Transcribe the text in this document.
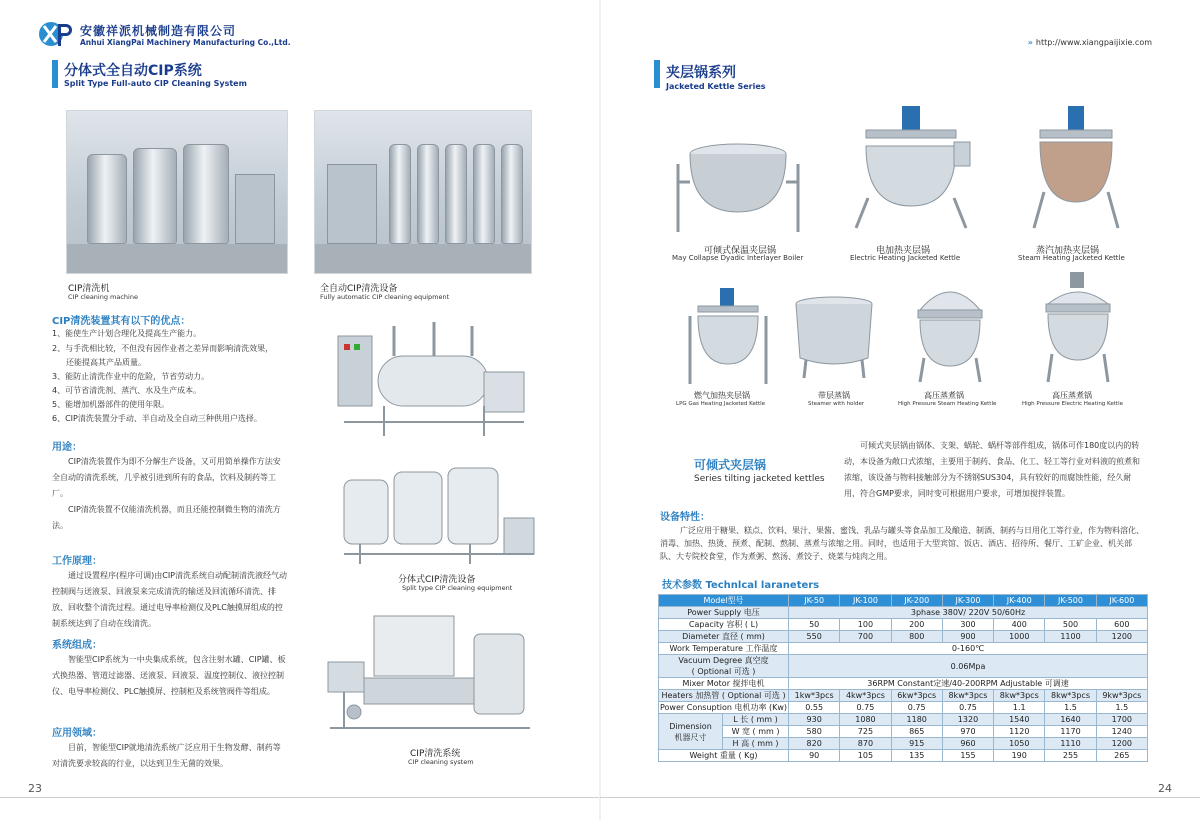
安徽祥派机械制造有限公司
Anhui XiangPai Machinery Manufacturing Co.,Ltd.
分体式全自动CIP系统
Split Type Full-auto CIP Cleaning System
CIP清洗机
CIP cleaning machine
全自动CIP清洗设备
Fully automatic CIP cleaning equipment
分体式CIP清洗设备
Split type CIP cleaning equipment
CIP清洗系统
CIP cleaning system
CIP清洗装置其有以下的优点：
1、能使生产计划合理化及提高生产能力。
2、与手洗相比较，不但没有因作业者之差异而影响清洗效果，
还能提高其产品质量。
3、能防止清洗作业中的危险，节省劳动力。
4、可节省清洗剂、蒸汽、水及生产成本。
5、能增加机器部件的使用年限。
6、CIP清洗装置分手动、半自动及全自动三种供用户选择。
用途：
CIP清洗装置作为即不分解生产设备，又可用简单操作方法安全自动的清洗系统，几乎被引进到所有的食品，饮料及制药等工厂。
CIP清洗装置不仅能清洗机器，而且还能控制微生物的清洗方法。
工作原理：
通过设置程序(程序可调)由CIP清洗系统自动配制清洗液经气动控制阀与送液泵、回液泵来完成清洗的输送及回流循环清洗、排放、回收整个清洗过程。通过电导率检测仪及PLC触摸屏组成的控制系统达到了自动在线清洗。
系统组成：
智能型CIP系统为一中央集成系统，包含注射水罐、CIP罐、板式换热器、管道过滤器、送液泵、回液泵、温度控制仪、液拉控制仪、电导率检测仪、PLC触摸屏、控制柜及系统管阀件等组成。
应用领域：
目前，智能型CIP就地清洗系统广泛应用于生物发酵、制药等对清洗要求较高的行业，以达到卫生无菌的效果。
23
» http://www.xiangpaijixie.com
夹层锅系列
Jacketed Kettle Series
可倾式保温夹层锅
May Collapse Dyadic Interlayer Boiler
电加热夹层锅
Electric Heating Jacketed Kettle
蒸汽加热夹层锅
Steam Heating Jacketed Kettle
燃气加热夹层锅
LPG Gas Heating Jacketed Kettle
带层蒸锅
Steamer with holder
高压蒸煮锅
High Pressure Steam Heating Kettle
高压蒸煮锅
High Pressure Electric Heating Kettle
可倾式夹层锅
Series tilting jacketed kettles
可倾式夹层锅由锅体、支架、蜗轮、蜗杆等部件组成，锅体可作180度以内的转动，本设备为敞口式浓缩，主要用于制药、食品、化工、轻工等行业对料液的煎煮和浓缩，该设备与物料接触部分为不锈钢SUS304，具有较好的而腐蚀性能，经久耐用，符合GMP要求，同时变可根据用户要求，可增加搅拌装置。
设备特性：
广泛应用于糖果、糕点、饮料、果汁、果酱、蜜饯、乳品与罐头等食品加工及酿造、制酒、制药与日用化工等行业，作为物料溶化、消毒、加热、热烫、预煮、配制、熬制、蒸煮与浓缩之用。同时，也适用于大型宾馆、饭店、酒店、招待所、餐厅、工矿企业、机关部队、大专院校食堂，作为煮粥、熬汤、煮饺子、烧菜与炖肉之用。
技术参数 Technlcal laraneters
Model型号		JK-50	JK-100	JK-200	JK-300	JK-400	JK-500	JK-600
Power Supply 电压		3phase 380V/ 220V 50/60Hz						
Capacity 容积 ( L)		50	100	200	300	400	500	600
Diameter 直径 ( mm)		550	700	800	900	1000	1100	1200
Work Temperature 工作温度		0-160℃						
Vacuum Degree 真空度
( Optional 可选 )		0.06Mpa						
Mixer Motor 搅拌电机		36RPM Constant定速/40-200RPM Adjustable 可调速						
Heaters 加热管 ( Optional 可选 )		1kw*3pcs	4kw*3pcs	6kw*3pcs	8kw*3pcs	8kw*3pcs	8kw*3pcs	9kw*3pcs
Power Consuption 电机功率 (Kw)		0.55	0.75	0.75	0.75	1.1	1.5	1.5
Dimension
机器尺寸	L 长 ( mm )	930	1080	1180	1320	1540	1640	1700
	W 宽 ( mm )	580	725	865	970	1120	1170	1240
	H 高 ( mm )	820	870	915	960	1050	1110	1200
Weight 重量 ( Kg)		90	105	135	155	190	255	265
24
